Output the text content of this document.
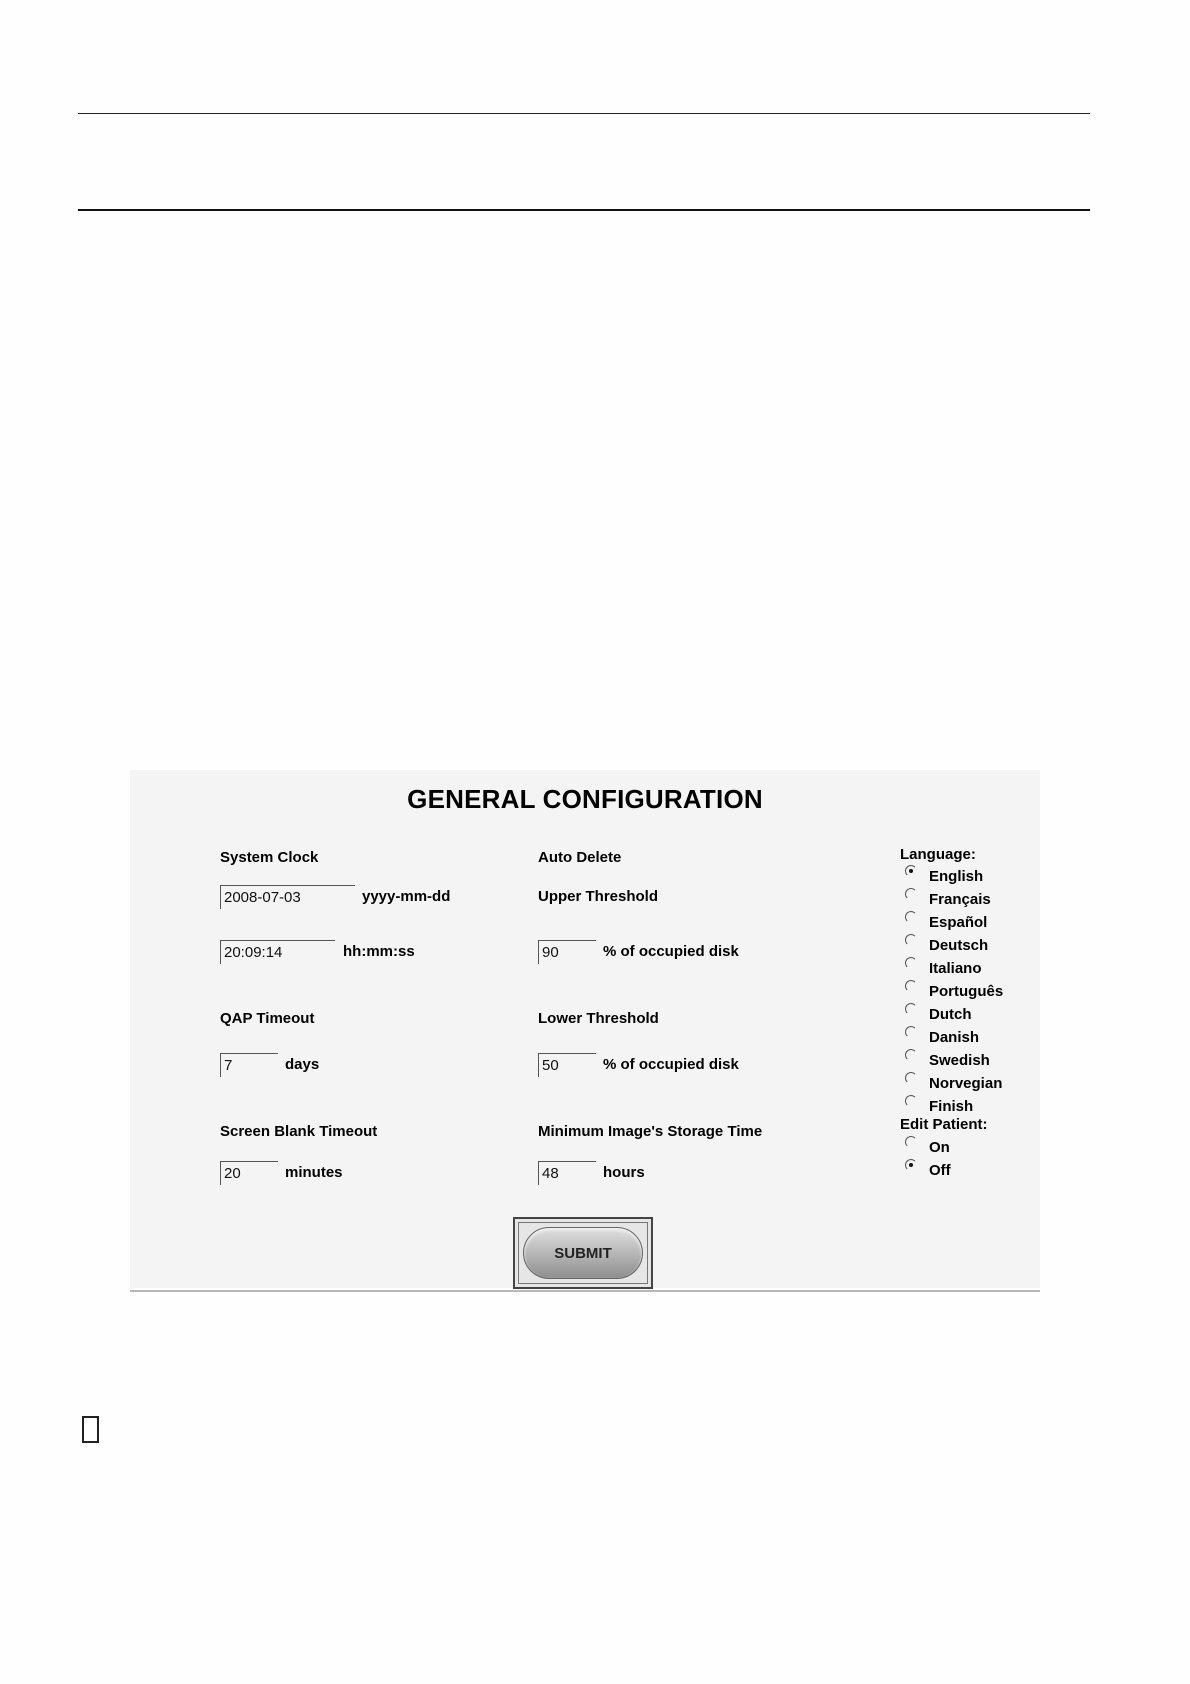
GENERAL CONFIGURATION
System Clock
2008-07-03
yyyy-mm-dd
20:09:14
hh:mm:ss
QAP Timeout
7
days
Screen Blank Timeout
20
minutes
Auto Delete
Upper Threshold
90
% of occupied disk
Lower Threshold
50
% of occupied disk
Minimum Image's Storage Time
48
hours
Language:
English
Français
Español
Deutsch
Italiano
Português
Dutch
Danish
Swedish
Norvegian
Finish
Edit Patient:
On
Off
SUBMIT
